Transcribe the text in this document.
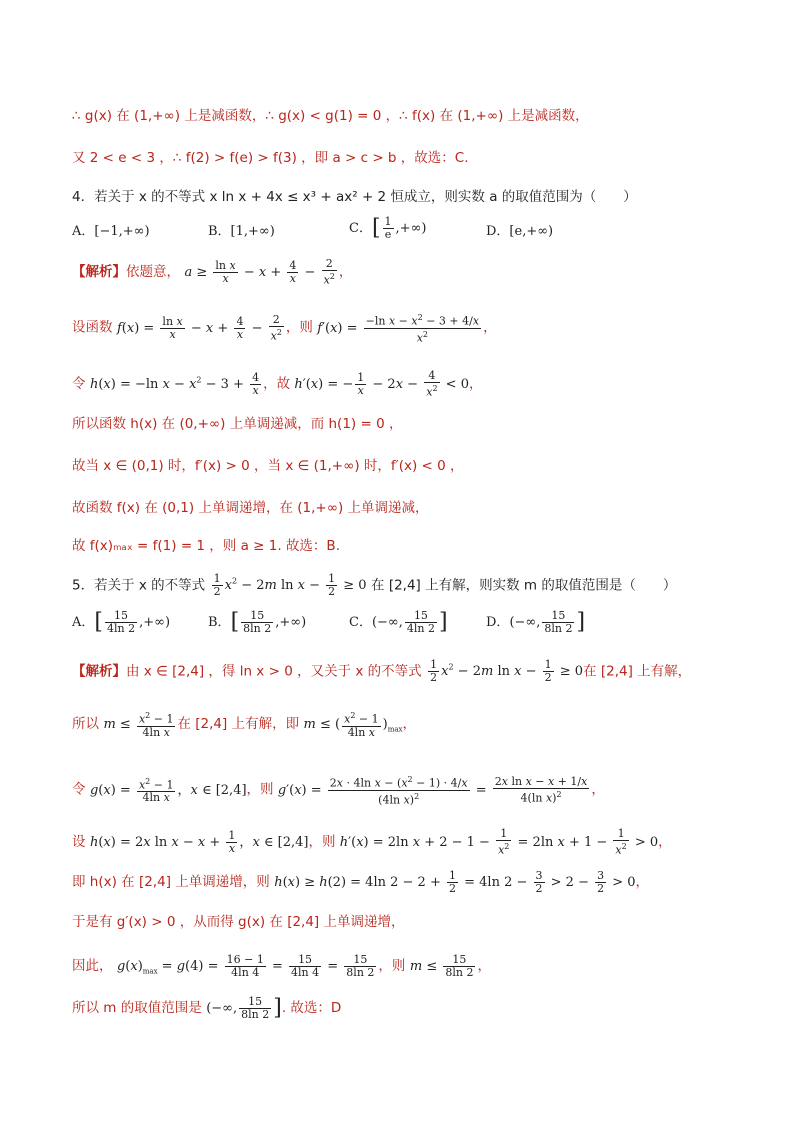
∴ g(x) 在 (1,+∞) 上是减函数，∴ g(x) < g(1) = 0 ，∴ f(x) 在 (1,+∞) 上是减函数，
又 2 < e < 3 ，∴ f(2) > f(e) > f(3) ，即 a > c > b ，故选：C.
4．若关于 x 的不等式 x ln x + 4x ≤ x³ + ax² + 2 恒成立，则实数 a 的取值范围为（　　）
A．[−1,+∞)	B．[1,+∞)	C．[ $\frac{1}{e}$ ,+∞)	D．[e,+∞)
【解析】依题意， $a \ge \frac{\text{ln x}}{x} - x + \frac{4}{x} - \frac{2}{x^2}$ ，
设函数 $f(x) = \frac{\text{ln x}}{x} - x + \frac{4}{x} - \frac{2}{x^2}$ ，则 $f'(x) = \frac{-\ln x - x^2 - 3 + 4/x}{x^2}$ ，
令 h(x) = −ln $x - x^2 - 3 + \frac{4}{x}$ ，故 h′(x) = − $\frac{1}{x} - 2x - \frac{4}{x^2} < 0$，
所以函数 h(x) 在 (0,+∞) 上单调递减，而 h(1) = 0 ，
故当 x ∈ (0,1) 时，f′(x) > 0 ，当 x ∈ (1,+∞) 时，f′(x) < 0 ，
故函数 f(x) 在 (0,1) 上单调递增，在 (1,+∞) 上单调递减，
故 f(x)ₘₐₓ = f(1) = 1 ，则 a ≥ 1. 故选：B.
5．若关于 x 的不等式 $\frac{1}{2} x^2 - 2m$ $\ln x - \frac{1}{2} \ge 0$ 在 [2,4] 上有解，则实数 m 的取值范围是（　　）
A．[ $\frac{15}{4\ln 2}$ ,+∞)	B．[ $\frac{15}{8\ln 2}$ ,+∞)	C．(−∞, $\frac{15}{4\ln 2}$ ]	D．(−∞, $\frac{15}{8\ln 2}$ ]
【解析】由 x ∈ [2,4] ，得 ln x > 0 ，又关于 x 的不等式 $\frac{1}{2} x^2 - 2m$ $\ln x - \frac{1}{2} \ge 0$在 [2,4] 上有解，
所以 $m \le \frac{x^2 - 1}{\text{4ln x}}$ 在 [2,4] 上有解，即 m ≤ ( $\frac{x^2 - 1}{\text{4ln x}} )_{max}$，
令 $g(x) = \frac{x^2 - 1}{\text{4ln x}}$ ，x ∈ [2,4]，则 $g'(x) = \frac{2x \cdot 4\ln x - (x^2 - 1) \cdot 4/x}{(4\ln x)^2} = \frac{\text{2x ln x − x + 1/x}}{4(\ln x)^2}$ ，
设 h(x) = 2x $\ln x - x + \frac{1}{x}$ ，x ∈ [2,4]，则 h′(x) = 2ln $x + 2 - 1 - \frac{1}{x^2} = 2\ln$ $x + 1 - \frac{1}{x^2} > 0$，
即 h(x) 在 [2,4] 上单调递增，则 h(x) ≥ h(2) = 4ln $2 - 2 + \frac{1}{2} = 4\ln$ $2 - \frac{3}{2} > 2 - \frac{3}{2} > 0$，
于是有 g′(x) > 0 ，从而得 g(x) 在 [2,4] 上单调递增，
因此， $g(x)_{max} = g(4) = \frac{16 - 1}{4\ln 4} = \frac{15}{4\ln 4} = \frac{15}{8\ln 2}$ ，则 $m \le \frac{15}{8\ln 2}$ ，
所以 m 的取值范围是 (−∞, $\frac{15}{8\ln 2}$ ]. 故选：D
